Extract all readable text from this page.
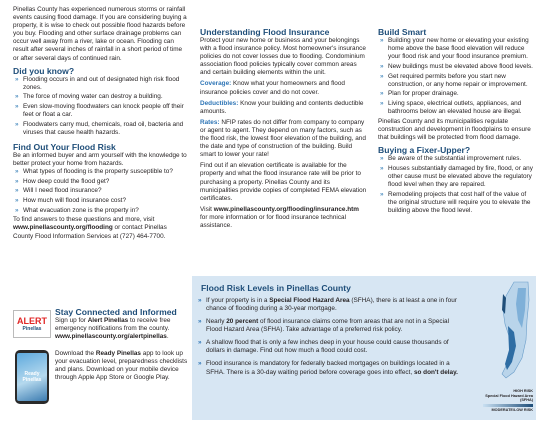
Pinellas County has experienced numerous storms or rainfall events causing flood damage. If you are considering buying a property, it is wise to check out possible flood hazards before you buy. Flooding and other surface drainage problems can occur well away from a river, lake or ocean. Flooding can result after several inches of rainfall in a short period of time or after several days of continued rain.

Did you know?
» Flooding occurs in and out of designated high risk flood zones.
» The force of moving water can destroy a building.
» Even slow-moving floodwaters can knock people off their feet or float a car.
» Floodwaters carry mud, chemicals, road oil, bacteria and viruses that cause health hazards.
Find Out Your Flood Risk

Be an informed buyer and arm yourself with the knowledge to better protect your home from hazards.

» What types of flooding is the property susceptible to?
» How deep could the flood get?
» Will I need flood insurance?
» How much will flood insurance cost?
» What evacuation zone is the property in?

To find answers to these questions and more, visit www.pinellascounty.org/flooding or contact Pinellas County Flood Information Services at (727) 464-7700.

Stay Connected and Informed
ALERT
Pinellas

Sign up for Alert Pinellas to receive free emergency notifications from the county. www.pinellascounty.org/alertpinellas.

Ready
Pinellas

Download the Ready Pinellas app to look up your evacuation level, preparedness checklists and plans. Download on your mobile device through Apple App Store or Google Play.

Understanding Flood Insurance

Protect your new home or business and your belongings with a flood insurance policy. Most homeowner's insurance policies do not cover losses due to flooding. Condominium association flood policies typically cover common areas and certain building elements within the unit.

Coverage: Know what your homeowners and flood insurance policies cover and do not cover.

Deductibles: Know your building and contents deductible amounts.

Rates: NFIP rates do not differ from company to company or agent to agent. They depend on many factors, such as the flood risk, the lowest floor elevation of the building, and the date and type of construction of the building. Build smart to lower your rate!

Find out if an elevation certificate is available for the property and what the flood insurance rate will be prior to purchasing a property. Pinellas County and its municipalities provide copies of completed FEMA elevation certificates.

Visit www.pinellascounty.org/flooding/insurance.htm for more information or for flood insurance technical assistance.

Build Smart
» Building your new home or elevating your existing home above the base flood elevation will reduce your flood risk and your flood insurance premium.
» New buildings must be elevated above flood levels.
» Get required permits before you start new construction, or any home repair or improvement.
» Plan for proper drainage.
» Living space, electrical outlets, appliances, and bathrooms below an elevated house are illegal.

Pinellas County and its municipalities regulate construction and development in floodplains to ensure that buildings will be protected from flood damage.

Buying a Fixer-Upper?
» Be aware of the substantial improvement rules.
» Houses substantially damaged by fire, flood, or any other cause must be elevated above the regulatory flood level when they are repaired.
» Remodeling projects that cost half of the value of the original structure will require you to elevate the building above the flood level.
Flood Risk Levels in Pinellas County
» If your property is in a Special Flood Hazard Area (SFHA), there is at least a one in four chance of flooding during a 30-year mortgage.
» Nearly 20 percent of flood insurance claims come from areas that are not in a Special Flood Hazard Area (SFHA). Take advantage of a preferred risk policy.
» A shallow flood that is only a few inches deep in your house could cause thousands of dollars in damage. Find out how much a flood could cost.
» Flood insurance is mandatory for federally backed mortgages on buildings located in a SFHA. There is a 30-day waiting period before coverage goes into effect, so don't delay.
HIGH RISK
Special Flood Hazard Area (SFHA)
MODERATE/LOW RISK
